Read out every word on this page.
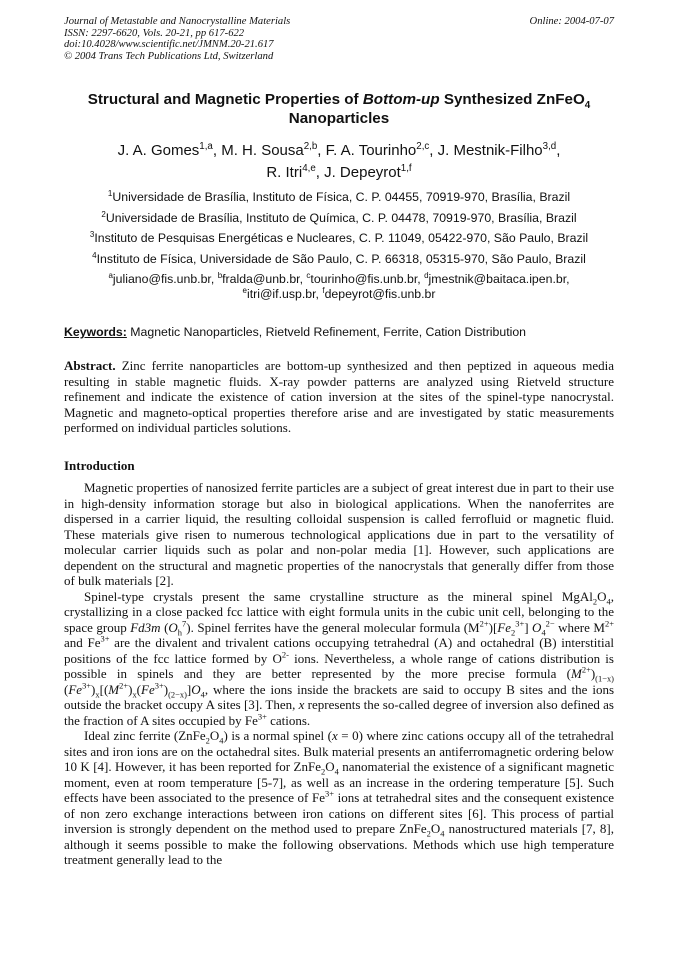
Journal of Metastable and Nanocrystalline Materials
ISSN: 2297-6620, Vols. 20-21, pp 617-622
doi:10.4028/www.scientific.net/JMNM.20-21.617
© 2004 Trans Tech Publications Ltd, Switzerland
Online: 2004-07-07
Structural and Magnetic Properties of Bottom-up Synthesized ZnFeO$_4$
Nanoparticles
J. A. Gomes$^{1,a}$, M. H. Sousa$^{2,b}$, F. A. Tourinho$^{2,c}$, J. Mestnik-Filho$^{3,d}$,
R. Itri$^{4,e}$, J. Depeyrot$^{1,f}$
$^1$Universidade de Brasília, Instituto de Física, C. P. 04455, 70919-970, Brasília, Brazil
$^2$Universidade de Brasília, Instituto de Química, C. P. 04478, 70919-970, Brasília, Brazil
$^3$Instituto de Pesquisas Energéticas e Nucleares, C. P. 11049, 05422-970, São Paulo, Brazil
$^4$Instituto de Física, Universidade de São Paulo, C. P. 66318, 05315-970, São Paulo, Brazil
$^a$juliano@fis.unb.br, $^b$fralda@unb.br, $^c$tourinho@fis.unb.br, $^d$jmestnik@baitaca.ipen.br,
$^e$itri@if.usp.br, $^f$depeyrot@fis.unb.br
Keywords: Magnetic Nanoparticles, Rietveld Refinement, Ferrite, Cation Distribution

Abstract. Zinc ferrite nanoparticles are bottom-up synthesized and then peptized in aqueous media resulting in stable magnetic fluids. X-ray powder patterns are analyzed using Rietveld structure refinement and indicate the existence of cation inversion at the sites of the spinel-type nanocrystal. Magnetic and magneto-optical properties therefore arise and are investigated by static measurements performed on individual particles solutions.

Introduction

Magnetic properties of nanosized ferrite particles are a subject of great interest due in part to their use in high-density information storage but also in biological applications. When the nanoferrites are dispersed in a carrier liquid, the resulting colloidal suspension is called ferrofluid or magnetic fluid. These materials give risen to numerous technological applications due in part to the versatility of molecular carrier liquids such as polar and non-polar media [1]. However, such applications are dependent on the structural and magnetic properties of the nanocrystals that generally differ from those of bulk materials [2].

Spinel-type crystals present the same crystalline structure as the mineral spinel $MgAl_2O_4$, crystallizing in a close packed fcc lattice with eight formula units in the cubic unit cell, belonging to the space group Fd3m $(O_h^7)$. Spinel ferrites have the general molecular formula $(M^{2+})[Fe_2^{3+}]$ $O_4^{2-}$ where $M^{2+}$ and $Fe^{3+}$ are the divalent and trivalent cations occupying tetrahedral (A) and octahedral (B) interstitial positions of the fcc lattice formed by $O^{2-}$ ions. Nevertheless, a whole range of cations distribution is possible in spinels and they are better represented by the more precise formula $(M^{2+})_{(1-x)}(Fe^{3+})_x[(M^{2+})_x(Fe^{3+})_{(2-x)}]O_4$, where the ions inside the brackets are said to occupy B sites and the ions outside the bracket occupy A sites [3]. Then, x represents the so-called degree of inversion also defined as the fraction of A sites occupied by $Fe^{3+}$ cations.

Ideal zinc ferrite $(ZnFe_2O_4)$ is a normal spinel (x = 0) where zinc cations occupy all of the tetrahedral sites and iron ions are on the octahedral sites. Bulk material presents an antiferromagnetic ordering below 10 K [4]. However, it has been reported for $ZnFe_2O_4$ nanomaterial the existence of a significant magnetic moment, even at room temperature [5-7], as well as an increase in the ordering temperature [5]. Such effects have been associated to the presence of $Fe^{3+}$ ions at tetrahedral sites and the consequent existence of non zero exchange interactions between iron cations on different sites [6]. This process of partial inversion is strongly dependent on the method used to prepare $ZnFe_2O_4$ nanostructured materials [7, 8], although it seems possible to make the following observations. Methods which use high temperature treatment generally lead to the
